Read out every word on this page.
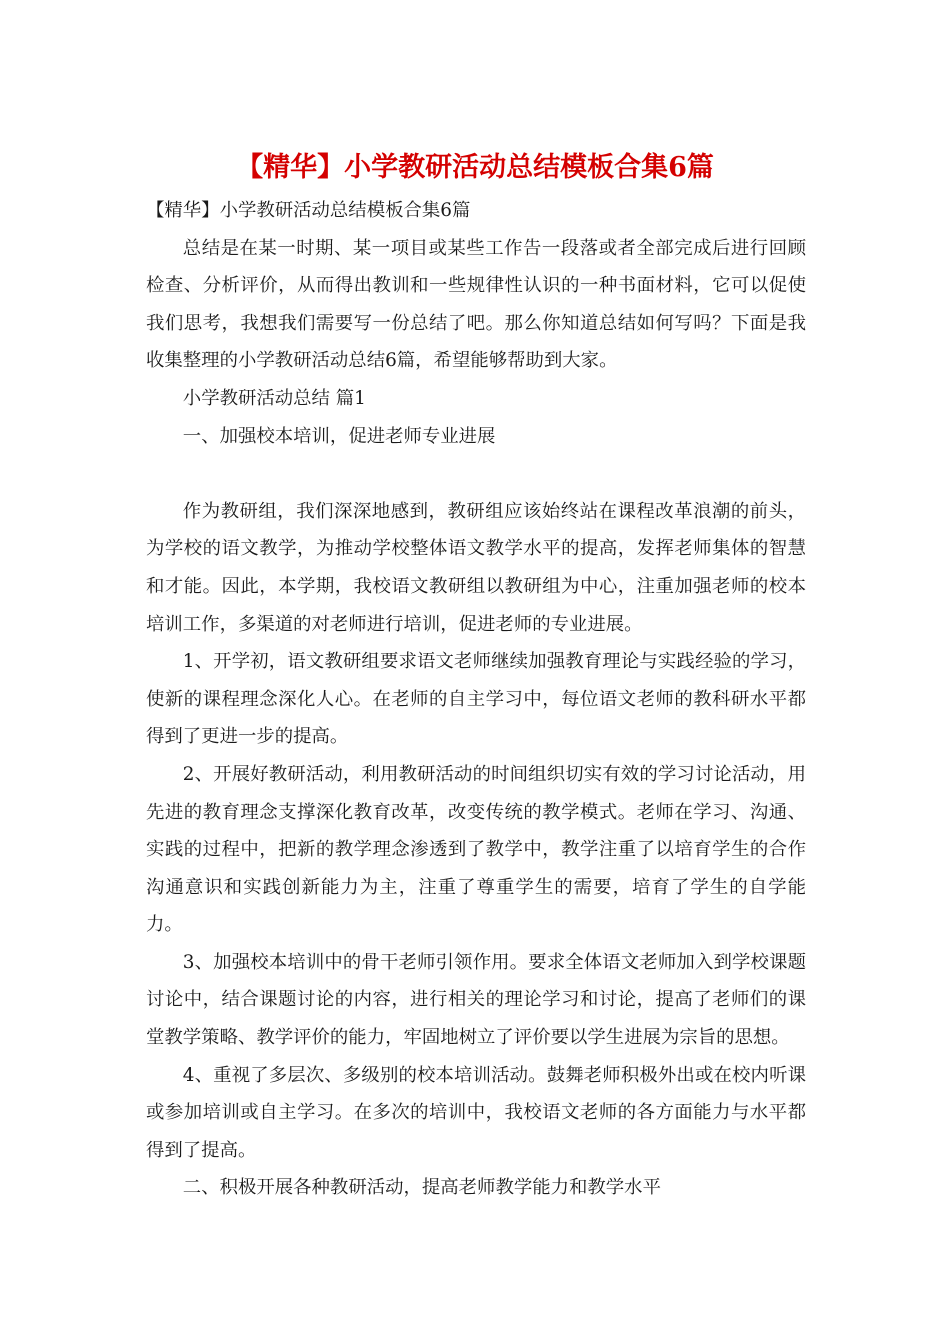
【精华】小学教研活动总结模板合集6篇

【精华】小学教研活动总结模板合集6篇

总结是在某一时期、某一项目或某些工作告一段落或者全部完成后进行回顾检查、分析评价，从而得出教训和一些规律性认识的一种书面材料，它可以促使我们思考，我想我们需要写一份总结了吧。那么你知道总结如何写吗？下面是我收集整理的小学教研活动总结6篇，希望能够帮助到大家。

小学教研活动总结 篇1

一、加强校本培训，促进老师专业进展

作为教研组，我们深深地感到，教研组应该始终站在课程改革浪潮的前头，为学校的语文教学，为推动学校整体语文教学水平的提高，发挥老师集体的智慧和才能。因此，本学期，我校语文教研组以教研组为中心，注重加强老师的校本培训工作，多渠道的对老师进行培训，促进老师的专业进展。

1、开学初，语文教研组要求语文老师继续加强教育理论与实践经验的学习，使新的课程理念深化人心。在老师的自主学习中，每位语文老师的教科研水平都得到了更进一步的提高。

2、开展好教研活动，利用教研活动的时间组织切实有效的学习讨论活动，用先进的教育理念支撑深化教育改革，改变传统的教学模式。老师在学习、沟通、实践的过程中，把新的教学理念渗透到了教学中，教学注重了以培育学生的合作沟通意识和实践创新能力为主，注重了尊重学生的需要，培育了学生的自学能力。

3、加强校本培训中的骨干老师引领作用。要求全体语文老师加入到学校课题讨论中，结合课题讨论的内容，进行相关的理论学习和讨论，提高了老师们的课堂教学策略、教学评价的能力，牢固地树立了评价要以学生进展为宗旨的思想。

4、重视了多层次、多级别的校本培训活动。鼓舞老师积极外出或在校内听课或参加培训或自主学习。在多次的培训中，我校语文老师的各方面能力与水平都得到了提高。

二、积极开展各种教研活动，提高老师教学能力和教学水平
